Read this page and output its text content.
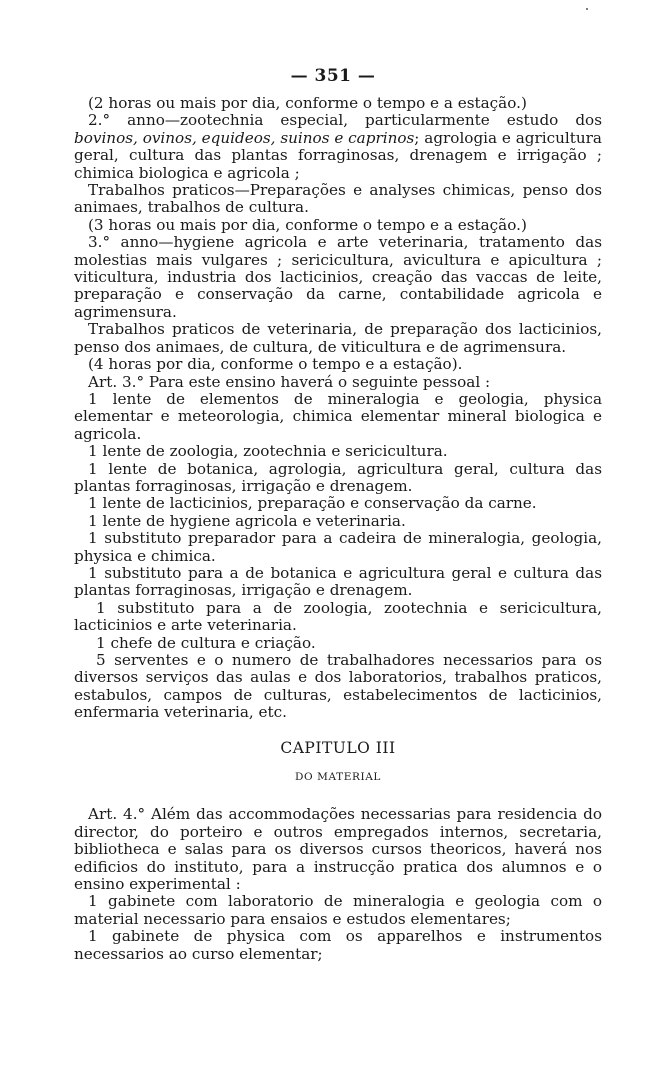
— 351 —

(2 horas ou mais por dia, conforme o tempo e a estação.)

2.° anno—zootechnia especial, particularmente estudo dos bovinos, ovinos, equideos, suinos e caprinos; agrologia e agricultura geral, cultura das plantas forraginosas, drenagem e irrigação ; chimica biologica e agricola ;

Trabalhos praticos—Preparações e analyses chimicas, penso dos animaes, trabalhos de cultura.

(3 horas ou mais por dia, conforme o tempo e a estação.)

3.° anno—hygiene agricola e arte veterinaria, tratamento das molestias mais vulgares ; sericicultura, avicultura e apicultura ; viticultura, industria dos lacticinios, creação das vaccas de leite, preparação e conservação da carne, contabilidade agricola e agrimensura.

Trabalhos praticos de veterinaria, de preparação dos lacticinios, penso dos animaes, de cultura, de viticultura e de agrimensura.

(4 horas por dia, conforme o tempo e a estação).

Art. 3.° Para este ensino haverá o seguinte pessoal :

1 lente de elementos de mineralogia e geologia, physica elementar e meteorologia, chimica elementar mineral biologica e agricola.

1 lente de zoologia, zootechnia e sericicultura.

1 lente de botanica, agrologia, agricultura geral, cultura das plantas forraginosas, irrigação e drenagem.

1 lente de lacticinios, preparação e conservação da carne.

1 lente de hygiene agricola e veterinaria.

1 substituto preparador para a cadeira de mineralogia, geologia, physica e chimica.

1 substituto para a de botanica e agricultura geral e cultura das plantas forraginosas, irrigação e drenagem.

1 substituto para a de zoologia, zootechnia e sericicultura, lacticinios e arte veterinaria.

1 chefe de cultura e criação.

5 serventes e o numero de trabalhadores necessarios para os diversos serviços das aulas e dos laboratorios, trabalhos praticos, estabulos, campos de culturas, estabelecimentos de lacticinios, enfermaria veterinaria, etc.

CAPITULO III

DO MATERIAL

Art. 4.° Além das accommodações necessarias para residencia do director, do porteiro e outros empregados internos, secretaria, bibliotheca e salas para os diversos cursos theoricos, haverá nos edificios do instituto, para a instrucção pratica dos alumnos e o ensino experimental :

1 gabinete com laboratorio de mineralogia e geologia com o material necessario para ensaios e estudos elementares;

1 gabinete de physica com os apparelhos e instrumentos necessarios ao curso elementar;
